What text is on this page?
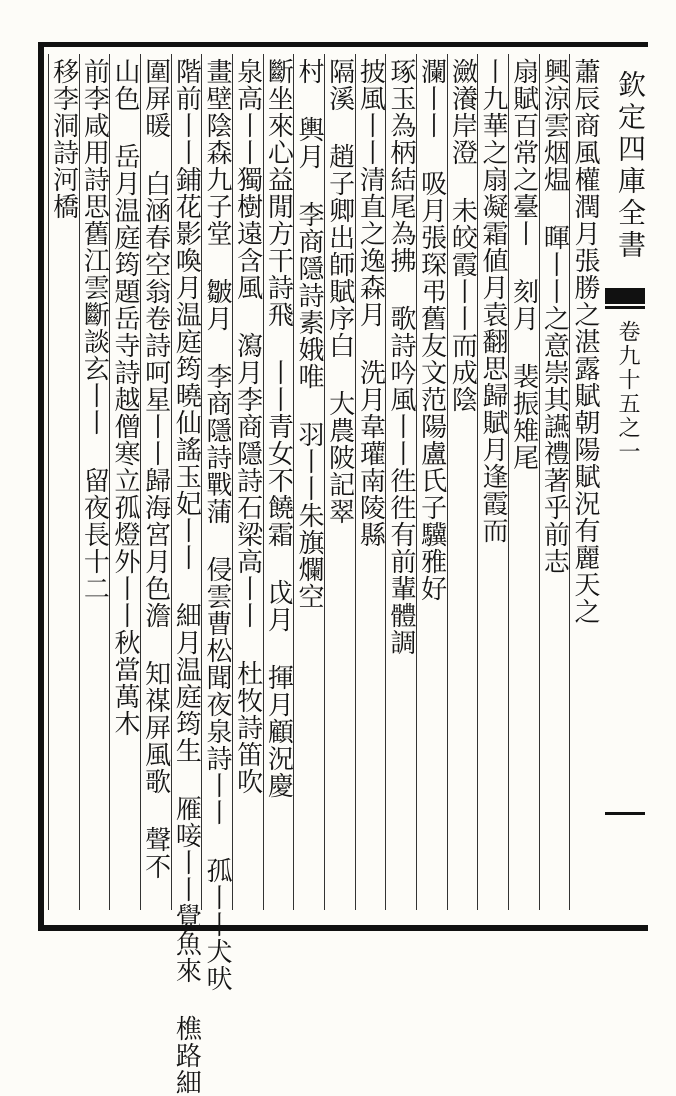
欽定四庫全書
卷九十五之一
蕭辰商風權潤月張勝之湛露賦朝陽賦況有麗天之
興涼雲烟煴 暉丨丨之意崇其讌禮著乎前志
扇賦百常之臺丨 刻月 裴振雉尾
丨九華之扇凝霜値月袁翻思歸賦月逢霞而
瀲瀁岸澄 未皎霞丨丨而成陰
瀾丨丨 吸月張琛弔舊友文范陽盧氏子驥雅好
琢玉為柄結尾為拂 歌詩吟風丨丨徃徃有前輩體調
披風丨丨清直之逸森月 洗月韋瓘南陵縣
隔溪 趙子卿出師賦序白 大農陂記翠
村 輿月 李商隱詩素娥唯 羽丨丨朱旗爛空
斷坐來心益閒方干詩飛 丨丨青女不饒霜 戉月 揮月顧況慶
泉高丨丨獨樹遠含風 瀉月李商隱詩石梁高丨丨 杜牧詩笛吹
畫壁陰森九子堂 皺月 李商隱詩戰蒲 侵雲曹松聞夜泉詩丨丨 孤丨丨犬吠
階前丨丨鋪花影喚月温庭筠曉仙謠玉妃丨丨 細月温庭筠生 雁唼丨丨覺魚來 樵路細
圍屏暖 白涵春空翁卷詩呵星丨丨歸海宮月色澹 知禖屏風歌 聲不
山色 岳月温庭筠題岳寺詩越僧寒立孤燈外丨丨秋當萬木
前李咸用詩思舊江雲斷談玄丨丨 留夜長十二
移李洞詩河橋
